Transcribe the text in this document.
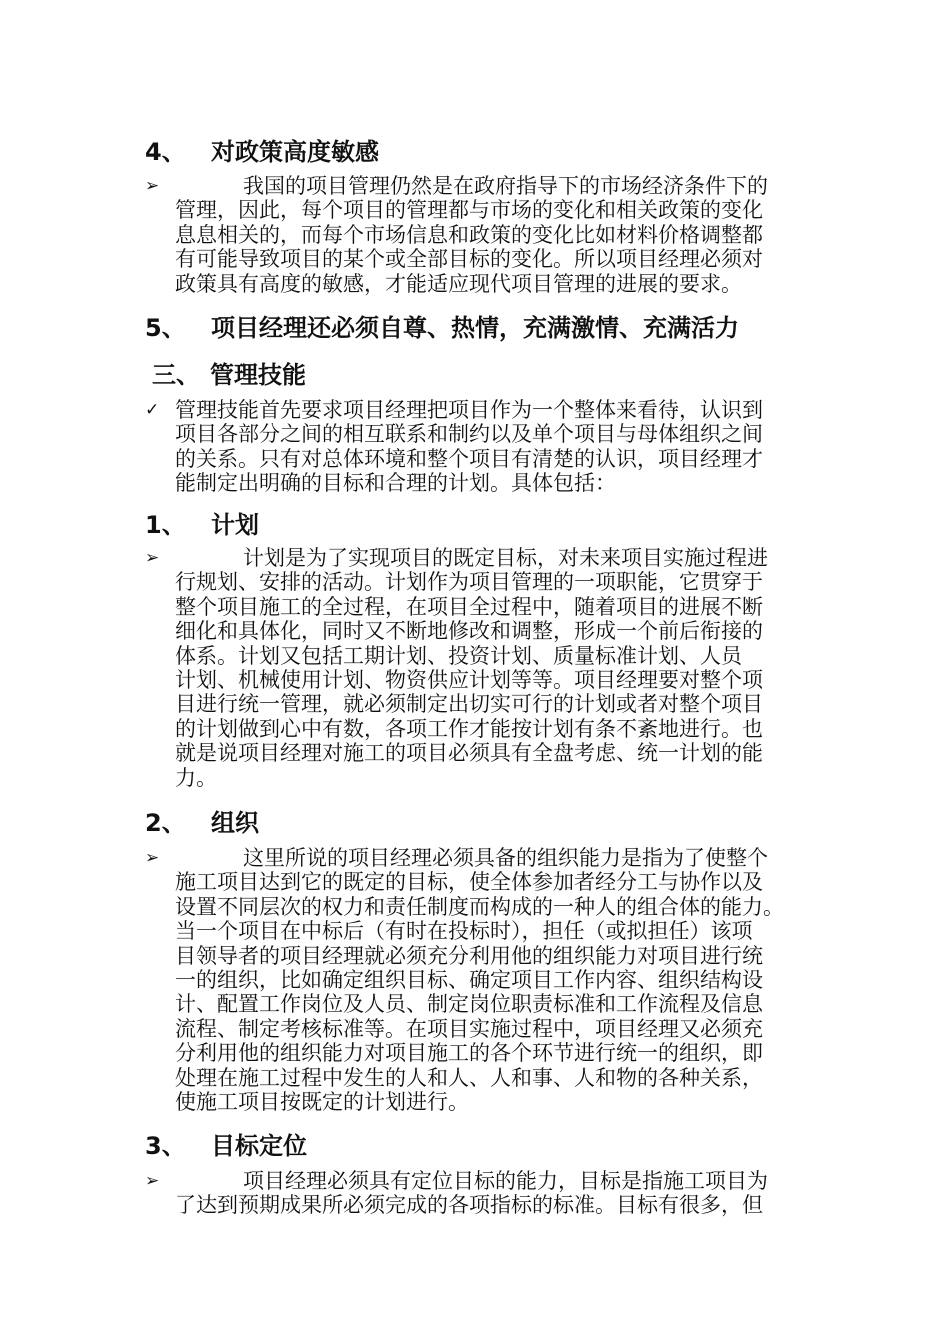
4、 对政策高度敏感
➢	我国的项目管理仍然是在政府指导下的市场经济条件下的
管理，因此，每个项目的管理都与市场的变化和相关政策的变化
息息相关的，而每个市场信息和政策的变化比如材料价格调整都
有可能导致项目的某个或全部目标的变化。所以项目经理必须对
政策具有高度的敏感，才能适应现代项目管理的进展的要求。
5、 项目经理还必须自尊、热情，充满激情、充满活力
三、 管理技能
✓ 管理技能首先要求项目经理把项目作为一个整体来看待，认识到
项目各部分之间的相互联系和制约以及单个项目与母体组织之间
的关系。只有对总体环境和整个项目有清楚的认识，项目经理才
能制定出明确的目标和合理的计划。具体包括：
1、 计划
➢	计划是为了实现项目的既定目标，对未来项目实施过程进
行规划、安排的活动。计划作为项目管理的一项职能，它贯穿于
整个项目施工的全过程，在项目全过程中，随着项目的进展不断
细化和具体化，同时又不断地修改和调整，形成一个前后衔接的
体系。计划又包括工期计划、投资计划、质量标准计划、人员
计划、机械使用计划、物资供应计划等等。项目经理要对整个项
目进行统一管理，就必须制定出切实可行的计划或者对整个项目
的计划做到心中有数，各项工作才能按计划有条不紊地进行。也
就是说项目经理对施工的项目必须具有全盘考虑、统一计划的能
力。
2、 组织
➢	这里所说的项目经理必须具备的组织能力是指为了使整个
施工项目达到它的既定的目标，使全体参加者经分工与协作以及
设置不同层次的权力和责任制度而构成的一种人的组合体的能力。
当一个项目在中标后（有时在投标时），担任（或拟担任）该项
目领导者的项目经理就必须充分利用他的组织能力对项目进行统
一的组织，比如确定组织目标、确定项目工作内容、组织结构设
计、配置工作岗位及人员、制定岗位职责标准和工作流程及信息
流程、制定考核标准等。在项目实施过程中，项目经理又必须充
分利用他的组织能力对项目施工的各个环节进行统一的组织，即
处理在施工过程中发生的人和人、人和事、人和物的各种关系，
使施工项目按既定的计划进行。
3、 目标定位
➢	项目经理必须具有定位目标的能力，目标是指施工项目为
了达到预期成果所必须完成的各项指标的标准。目标有很多，但
